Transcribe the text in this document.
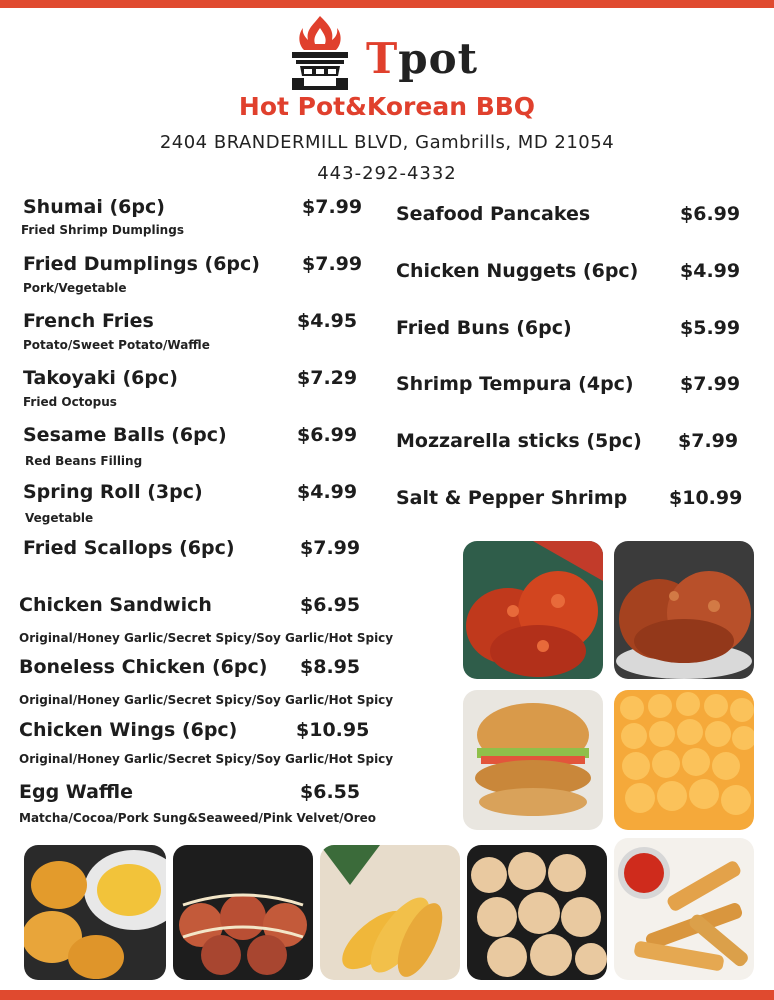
Tpot
Hot Pot&Korean BBQ
2404 BRANDERMILL BLVD, Gambrills, MD 21054
443-292-4332
Shumai (6pc)	$7.99
Fried Shrimp Dumplings
Fried Dumplings (6pc) $7.99
Pork/Vegetable
French Fries	$4.95
Potato/Sweet Potato/Waffle
Takoyaki (6pc)	$7.29
Fried Octopus
Sesame Balls (6pc)	$6.99
Red Beans Filling
Spring Roll (3pc)	$4.99
Vegetable
Fried Scallops (6pc)	$7.99
Seafood Pancakes	$6.99
Chicken Nuggets (6pc) $4.99
Fried Buns (6pc)	$5.99
Shrimp Tempura (4pc) $7.99
Mozzarella sticks (5pc) $7.99
Salt & Pepper Shrimp $10.99
Chicken Sandwich	$6.95
Original/Honey Garlic/Secret Spicy/Soy Garlic/Hot Spicy
Boneless Chicken (6pc) $8.95
Original/Honey Garlic/Secret Spicy/Soy Garlic/Hot Spicy
Chicken Wings (6pc)	$10.95
Original/Honey Garlic/Secret Spicy/Soy Garlic/Hot Spicy
Egg Waffle	$6.55
Matcha/Cocoa/Pork Sung&Seaweed/Pink Velvet/Oreo
